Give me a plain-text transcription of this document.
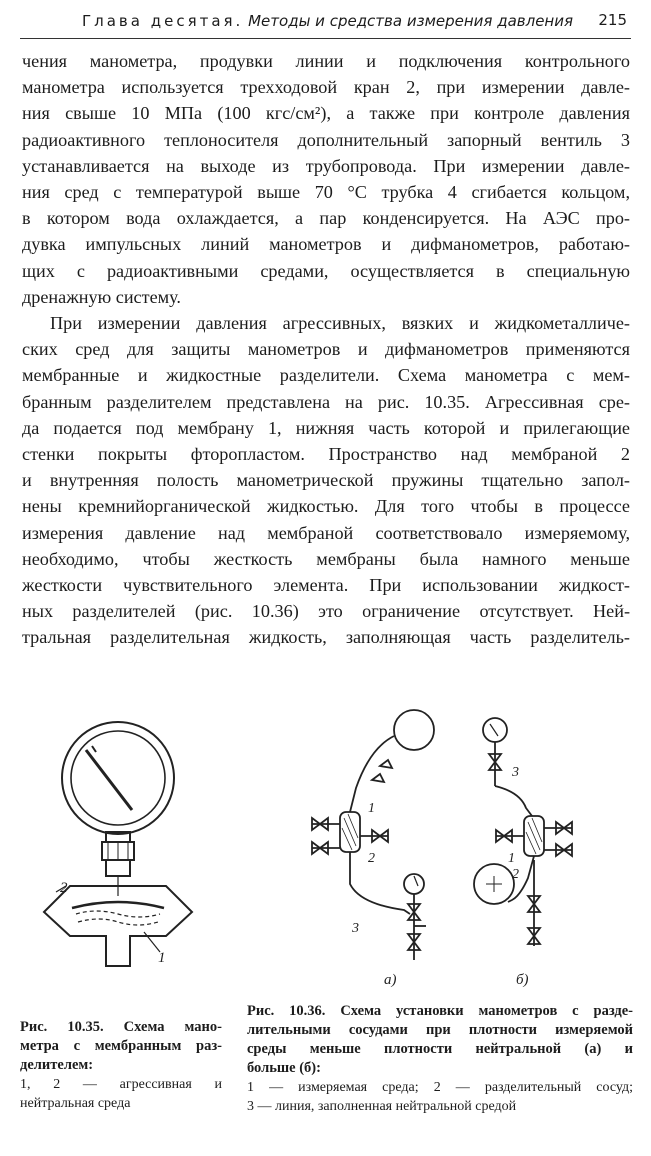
Глава десятая. Методы и средства измерения давления 215
чения манометра, продувки линии и подключения контрольного
манометра используется трехходовой кран 2, при измерении давле-
ния свыше 10 МПа (100 кгс/см²), а также при контроле давления
радиоактивного теплоносителя дополнительный запорный вентиль 3
устанавливается на выходе из трубопровода. При измерении давле-
ния сред с температурой выше 70 °С трубка 4 сгибается кольцом,
в котором вода охлаждается, а пар конденсируется. На АЭС про-
дувка импульсных линий манометров и дифманометров, работаю-
щих с радиоактивными средами, осуществляется в специальную
дренажную систему.
При измерении давления агрессивных, вязких и жидкометалличе-
ских сред для защиты манометров и дифманометров применяются
мембранные и жидкостные разделители. Схема манометра с мем-
бранным разделителем представлена на рис. 10.35. Агрессивная сре-
да подается под мембрану 1, нижняя часть которой и прилегающие
стенки покрыты фторопластом. Пространство над мембраной 2
и внутренняя полость манометрической пружины тщательно запол-
нены кремнийорганической жидкостью. Для того чтобы в процессе
измерения давление над мембраной соответствовало измеряемому,
необходимо, чтобы жесткость мембраны была намного меньше
жесткости чувствительного элемента. При использовании жидкост-
ных разделителей (рис. 10.36) это ограничение отсутствует. Ней-
тральная разделительная жидкость, заполняющая часть разделитель-
2
1
1
2
3
а)
3
1
2
б)
Рис. 10.35. Схема мано-
метра с мембранным раз-
делителем:
1, 2 — агрессивная и
нейтральная среда
Рис. 10.36. Схема установки манометров с разде-
лительными сосудами при плотности измеряемой
среды меньше плотности нейтральной (а) и
больше (б):
1 — измеряемая среда; 2 — разделительный сосуд;
3 — линия, заполненная нейтральной средой
